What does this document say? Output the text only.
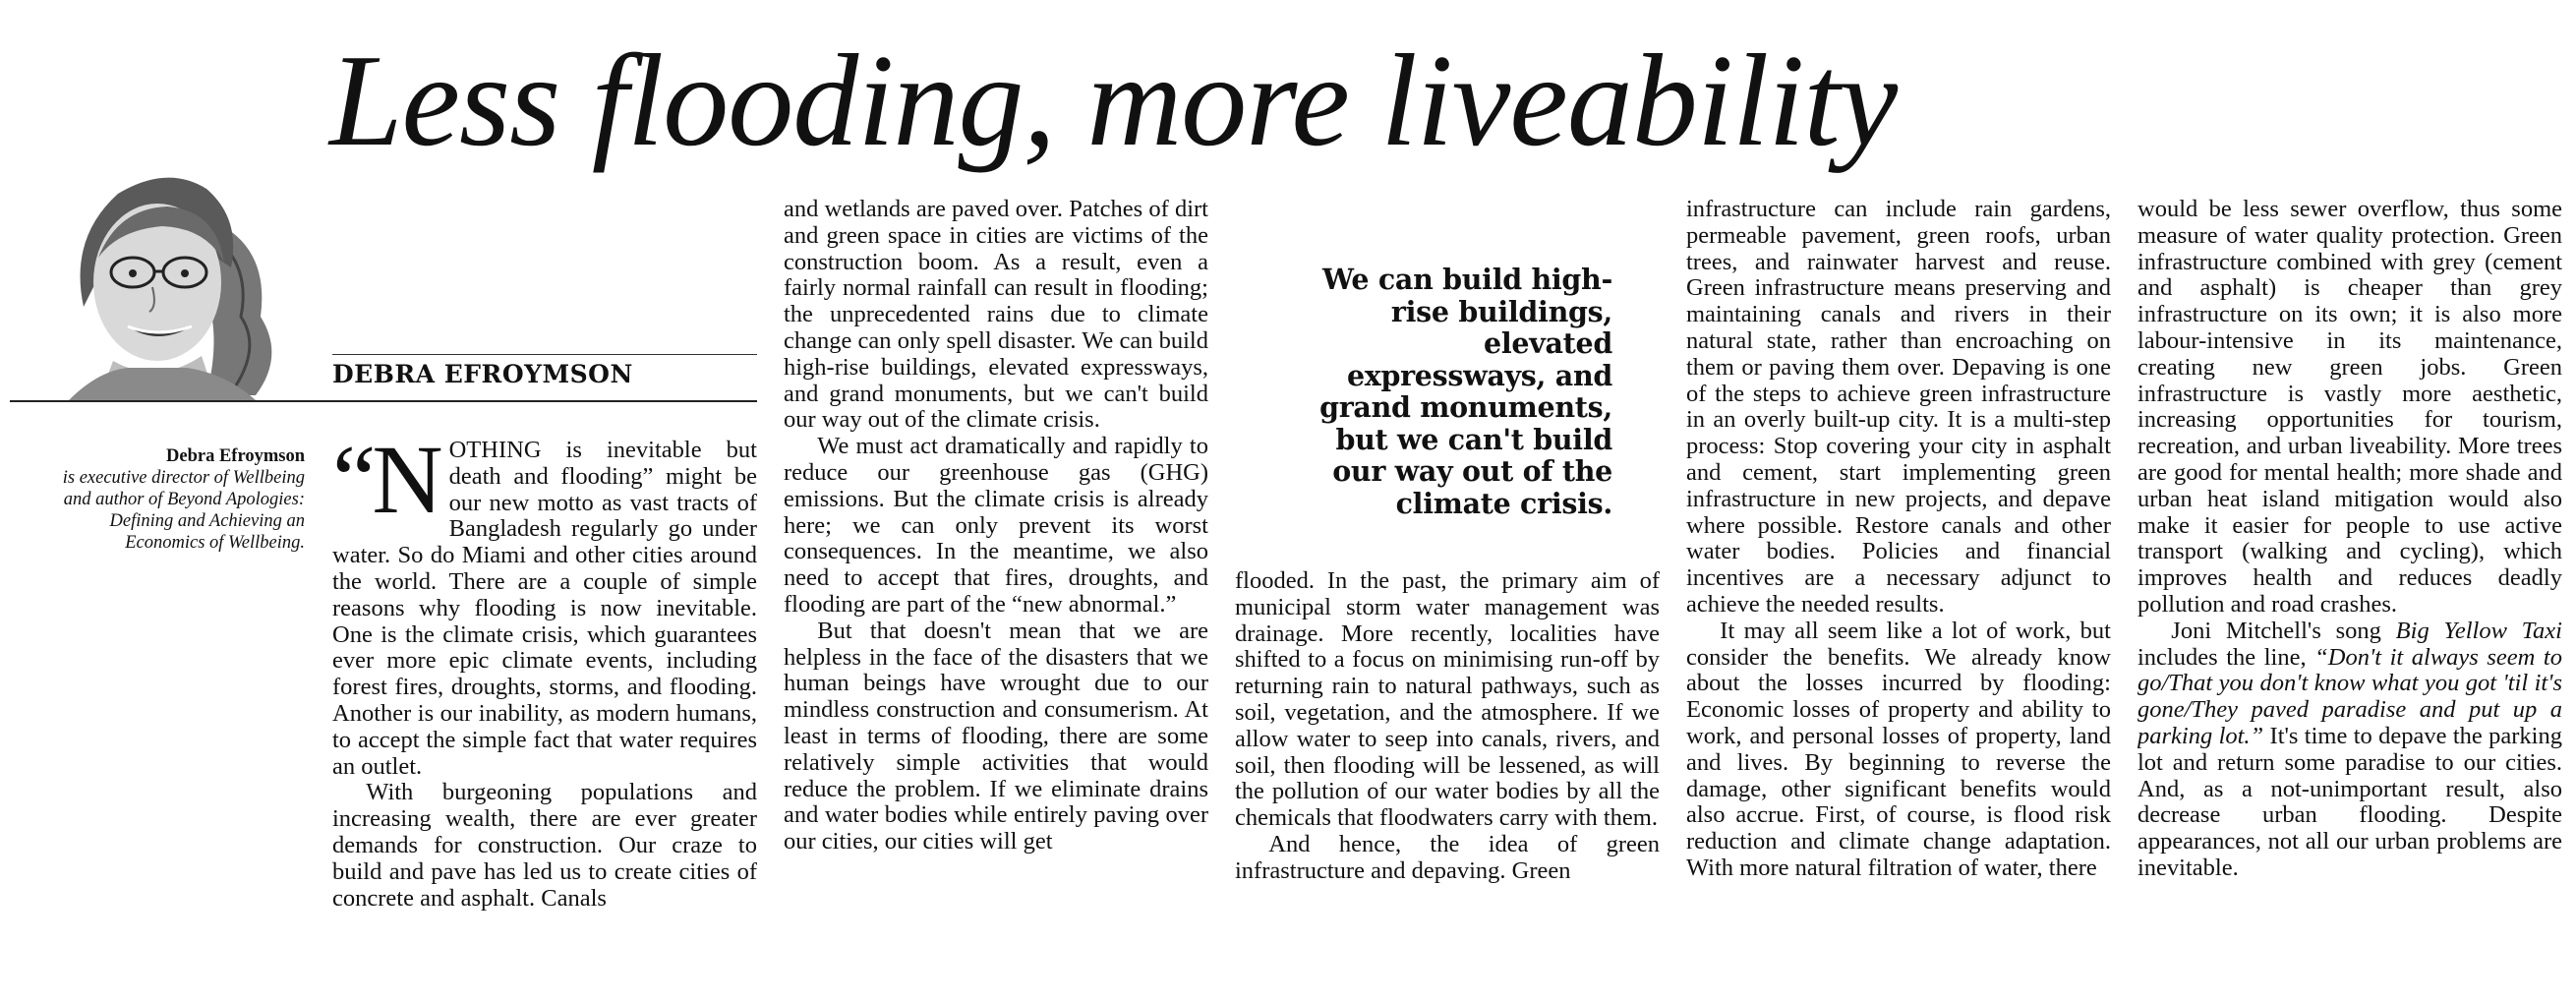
Less flooding, more liveability
DEBRA EFROYMSON
Debra Efroymson
is executive director of Wellbeing and author of Beyond Apologies: Defining and Achieving an Economics of Wellbeing.

“N OTHING is inevitable but death and flooding” might be our new motto as vast tracts of Bangladesh regularly go under water. So do Miami and other cities around the world. There are a couple of simple reasons why flooding is now inevitable. One is the climate crisis, which guarantees ever more epic climate events, including forest fires, droughts, storms, and flooding. Another is our inability, as modern humans, to accept the simple fact that water requires an outlet.

With burgeoning populations and increasing wealth, there are ever greater demands for construction. Our craze to build and pave has led us to create cities of concrete and asphalt. Canals

and wetlands are paved over. Patches of dirt and green space in cities are victims of the construction boom. As a result, even a fairly normal rainfall can result in flooding; the unprecedented rains due to climate change can only spell disaster. We can build high-rise buildings, elevated expressways, and grand monuments, but we can't build our way out of the climate crisis.

We must act dramatically and rapidly to reduce our greenhouse gas (GHG) emissions. But the climate crisis is already here; we can only prevent its worst consequences. In the meantime, we also need to accept that fires, droughts, and flooding are part of the “new abnormal.”

But that doesn't mean that we are helpless in the face of the disasters that we human beings have wrought due to our mindless construction and consumerism. At least in terms of flooding, there are some relatively simple activities that would reduce the problem. If we eliminate drains and water bodies while entirely paving over our cities, our cities will get

We can build high-rise buildings, elevated expressways, and grand monuments, but we can't build our way out of the climate crisis.

flooded. In the past, the primary aim of municipal storm water management was drainage. More recently, localities have shifted to a focus on minimising run-off by returning rain to natural pathways, such as soil, vegetation, and the atmosphere. If we allow water to seep into canals, rivers, and soil, then flooding will be lessened, as will the pollution of our water bodies by all the chemicals that floodwaters carry with them.

And hence, the idea of green infrastructure and depaving. Green

infrastructure can include rain gardens, permeable pavement, green roofs, urban trees, and rainwater harvest and reuse. Green infrastructure means preserving and maintaining canals and rivers in their natural state, rather than encroaching on them or paving them over. Depaving is one of the steps to achieve green infrastructure in an overly built-up city. It is a multi-step process: Stop covering your city in asphalt and cement, start implementing green infrastructure in new projects, and depave where possible. Restore canals and other water bodies. Policies and financial incentives are a necessary adjunct to achieve the needed results.

It may all seem like a lot of work, but consider the benefits. We already know about the losses incurred by flooding: Economic losses of property and ability to work, and personal losses of property, land and lives. By beginning to reverse the damage, other significant benefits would also accrue. First, of course, is flood risk reduction and climate change adaptation. With more natural filtration of water, there

would be less sewer overflow, thus some measure of water quality protection. Green infrastructure combined with grey (cement and asphalt) is cheaper than grey infrastructure on its own; it is also more labour-intensive in its maintenance, creating new green jobs. Green infrastructure is vastly more aesthetic, increasing opportunities for tourism, recreation, and urban liveability. More trees are good for mental health; more shade and urban heat island mitigation would also make it easier for people to use active transport (walking and cycling), which improves health and reduces deadly pollution and road crashes.

Joni Mitchell's song Big Yellow Taxi includes the line, “Don't it always seem to go/That you don't know what you got 'til it's gone/They paved paradise and put up a parking lot.” It's time to depave the parking lot and return some paradise to our cities. And, as a not-unimportant result, also decrease urban flooding. Despite appearances, not all our urban problems are inevitable.
